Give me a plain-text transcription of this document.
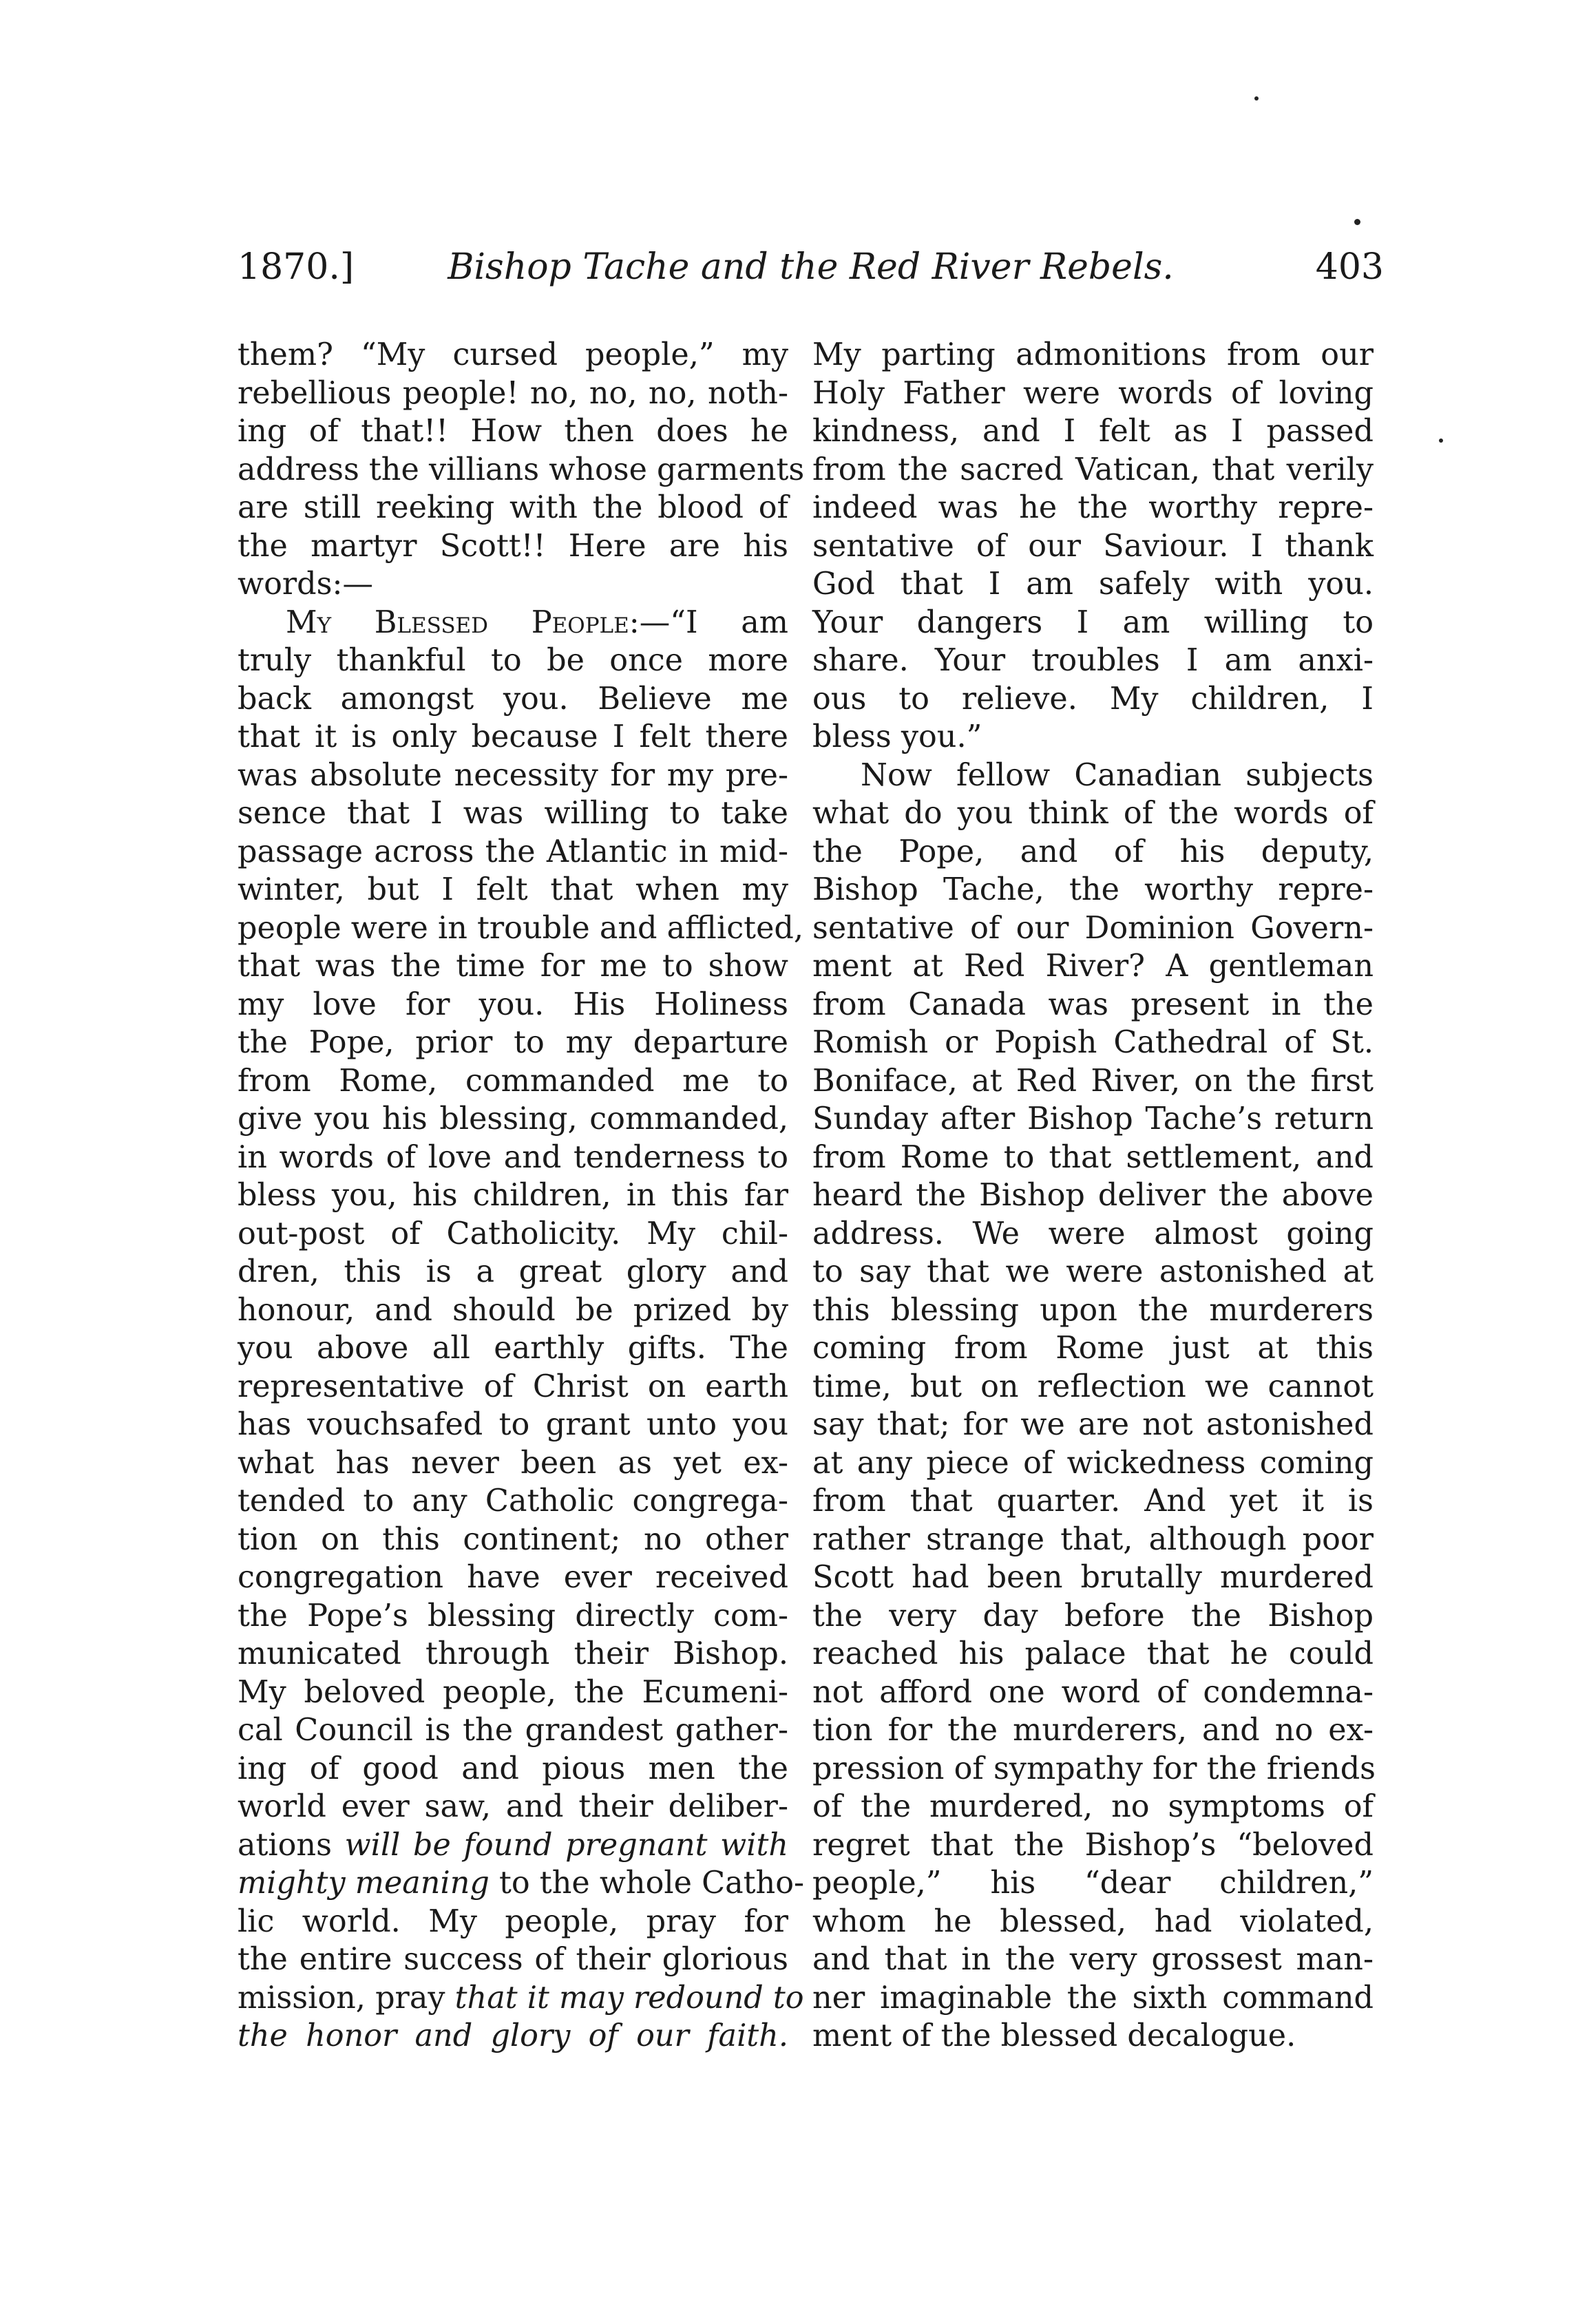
1870.]	Bishop Tache and the Red River Rebels.	403
them? “My cursed people,” my
rebellious people! no, no, no, noth-
ing of that!! How then does he
address the villians whose garments
are still reeking with the blood of
the martyr Scott!! Here are his
words:—
My Blessed People:—“I am
truly thankful to be once more
back amongst you. Believe me
that it is only because I felt there
was absolute necessity for my pre-
sence that I was willing to take
passage across the Atlantic in mid-
winter, but I felt that when my
people were in trouble and afflicted,
that was the time for me to show
my love for you. His Holiness
the Pope, prior to my departure
from Rome, commanded me to
give you his blessing, commanded,
in words of love and tenderness to
bless you, his children, in this far
out-post of Catholicity. My chil-
dren, this is a great glory and
honour, and should be prized by
you above all earthly gifts. The
representative of Christ on earth
has vouchsafed to grant unto you
what has never been as yet ex-
tended to any Catholic congrega-
tion on this continent; no other
congregation have ever received
the Pope’s blessing directly com-
municated through their Bishop.
My beloved people, the Ecumeni-
cal Council is the grandest gather-
ing of good and pious men the
world ever saw, and their deliber-
ations will be found pregnant with
mighty meaning to the whole Catho-
lic world. My people, pray for
the entire success of their glorious
mission, pray that it may redound to
the honor and glory of our faith.
My parting admonitions from our
Holy Father were words of loving
kindness, and I felt as I passed
from the sacred Vatican, that verily
indeed was he the worthy repre-
sentative of our Saviour. I thank
God that I am safely with you.
Your dangers I am willing to
share. Your troubles I am anxi-
ous to relieve. My children, I
bless you.”
Now fellow Canadian subjects
what do you think of the words of
the Pope, and of his deputy,
Bishop Tache, the worthy repre-
sentative of our Dominion Govern-
ment at Red River? A gentleman
from Canada was present in the
Romish or Popish Cathedral of St.
Boniface, at Red River, on the first
Sunday after Bishop Tache’s return
from Rome to that settlement, and
heard the Bishop deliver the above
address. We were almost going
to say that we were astonished at
this blessing upon the murderers
coming from Rome just at this
time, but on reflection we cannot
say that; for we are not astonished
at any piece of wickedness coming
from that quarter. And yet it is
rather strange that, although poor
Scott had been brutally murdered
the very day before the Bishop
reached his palace that he could
not afford one word of condemna-
tion for the murderers, and no ex-
pression of sympathy for the friends
of the murdered, no symptoms of
regret that the Bishop’s “beloved
people,” his “dear children,”
whom he blessed, had violated,
and that in the very grossest man-
ner imaginable the sixth command
ment of the blessed decalogue.
